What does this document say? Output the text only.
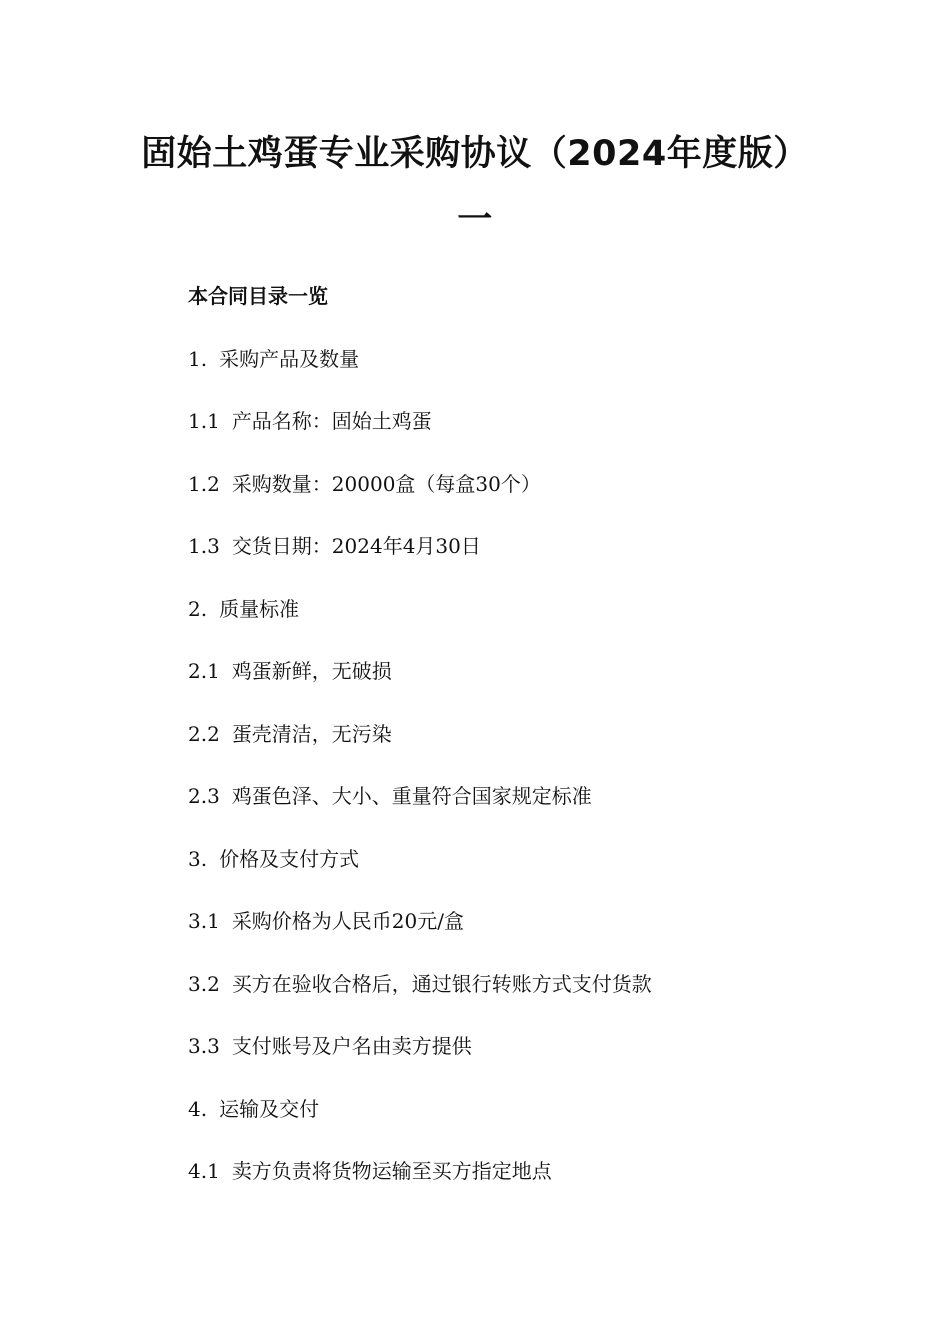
固始土鸡蛋专业采购协议（2024年度版）
一
本合同目录一览
1. 采购产品及数量
1.1 产品名称：固始土鸡蛋
1.2 采购数量：20000盒（每盒30个）
1.3 交货日期：2024年4月30日
2. 质量标准
2.1 鸡蛋新鲜，无破损
2.2 蛋壳清洁，无污染
2.3 鸡蛋色泽、大小、重量符合国家规定标准
3. 价格及支付方式
3.1 采购价格为人民币20元/盒
3.2 买方在验收合格后，通过银行转账方式支付货款
3.3 支付账号及户名由卖方提供
4. 运输及交付
4.1 卖方负责将货物运输至买方指定地点
